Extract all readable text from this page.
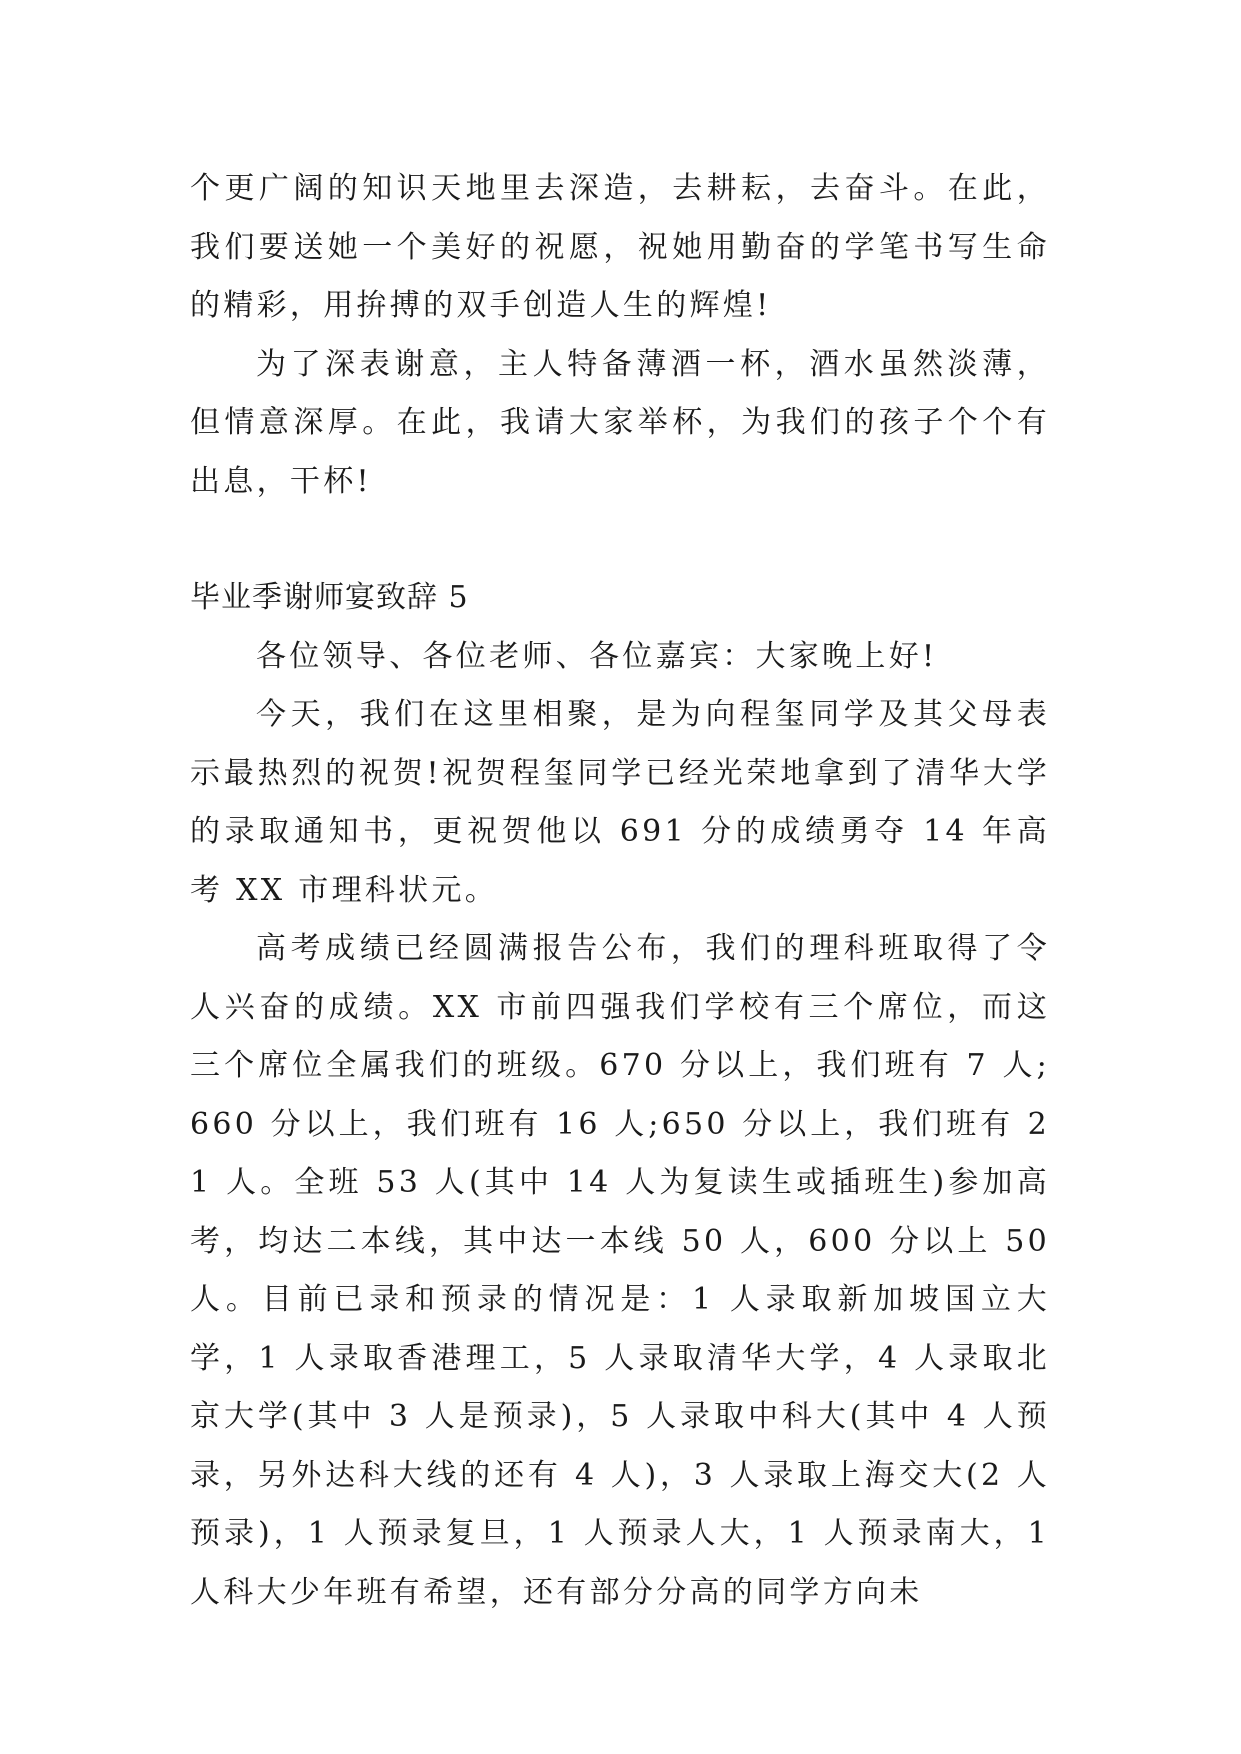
个更广阔的知识天地里去深造，去耕耘，去奋斗。在此，我们要送她一个美好的祝愿，祝她用勤奋的学笔书写生命的精彩，用拚搏的双手创造人生的辉煌!

为了深表谢意，主人特备薄酒一杯，酒水虽然淡薄，但情意深厚。在此，我请大家举杯，为我们的孩子个个有出息，干杯!

毕业季谢师宴致辞 5

各位领导、各位老师、各位嘉宾：大家晚上好!

今天，我们在这里相聚，是为向程玺同学及其父母表示最热烈的祝贺!祝贺程玺同学已经光荣地拿到了清华大学的录取通知书，更祝贺他以 691 分的成绩勇夺 14 年高考 XX 市理科状元。

高考成绩已经圆满报告公布，我们的理科班取得了令人兴奋的成绩。XX 市前四强我们学校有三个席位，而这三个席位全属我们的班级。670 分以上，我们班有 7 人;660 分以上，我们班有 16 人;650 分以上，我们班有 21 人。全班 53 人(其中 14 人为复读生或插班生)参加高考，均达二本线，其中达一本线 50 人，600 分以上 50 人。目前已录和预录的情况是：1 人录取新加坡国立大学，1 人录取香港理工，5 人录取清华大学，4 人录取北京大学(其中 3 人是预录)，5 人录取中科大(其中 4 人预录，另外达科大线的还有 4 人)，3 人录取上海交大(2 人预录)，1 人预录复旦，1 人预录人大，1 人预录南大，1 人科大少年班有希望，还有部分分高的同学方向未
